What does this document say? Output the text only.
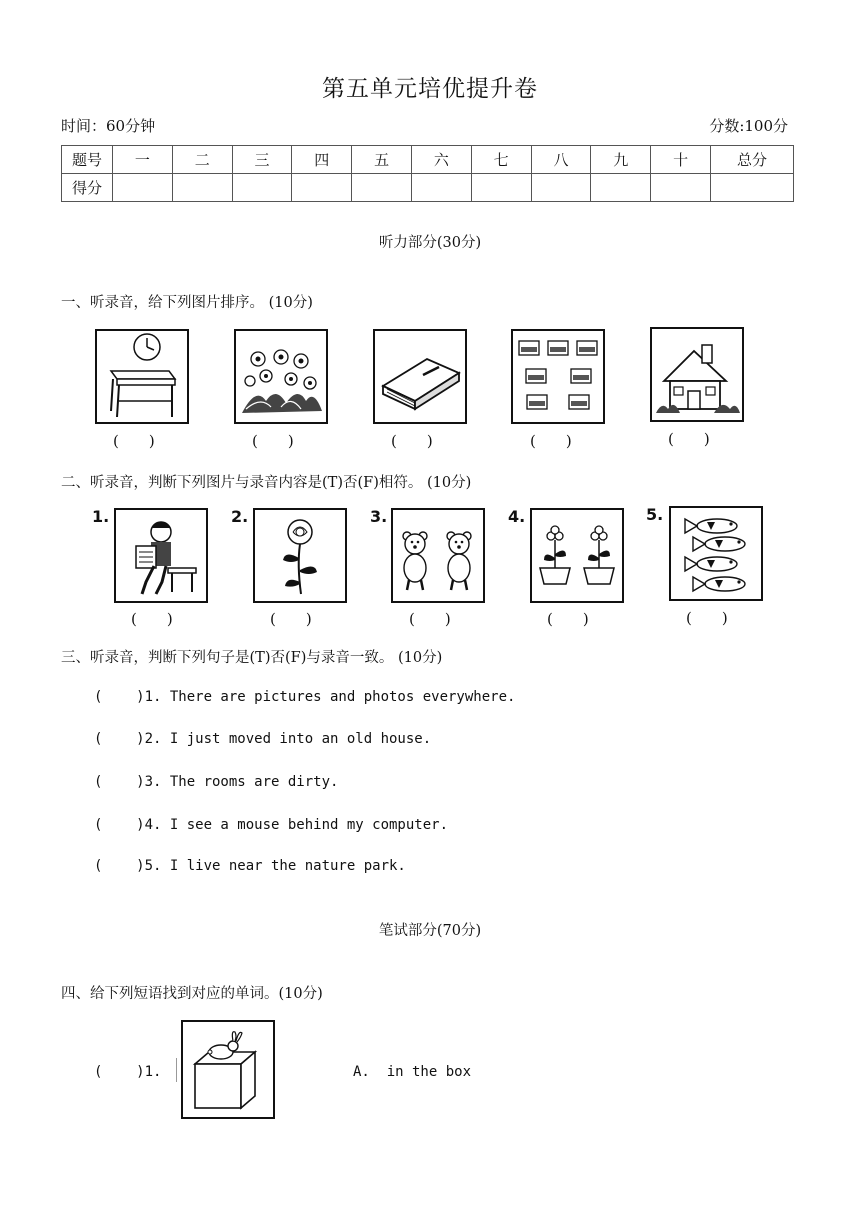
第五单元培优提升卷
时间：60分钟	分数:100分
题号	一	二	三	四	五	六	七	八	九	十	总分
得分											
听力部分(30分)
一、听录音，给下列图片排序。 (10分)
(　　)	(　　)	(　　)	(　　)	(　　)
二、听录音，判断下列图片与录音内容是(T)否(F)相符。 (10分)
1.	2.	3.	4.	5.
(　　)	(　　)	(　　)	(　　)	(　　)
三、听录音，判断下列句子是(T)否(F)与录音一致。 (10分)
(    )1. There are pictures and photos everywhere.
(    )2. I just moved into an old house.
(    )3. The rooms are dirty.
(    )4. I see a mouse behind my computer.
(    )5. I live near the nature park.
笔试部分(70分)
四、给下列短语找到对应的单词。(10分)
(    )1.	A.  in the box
